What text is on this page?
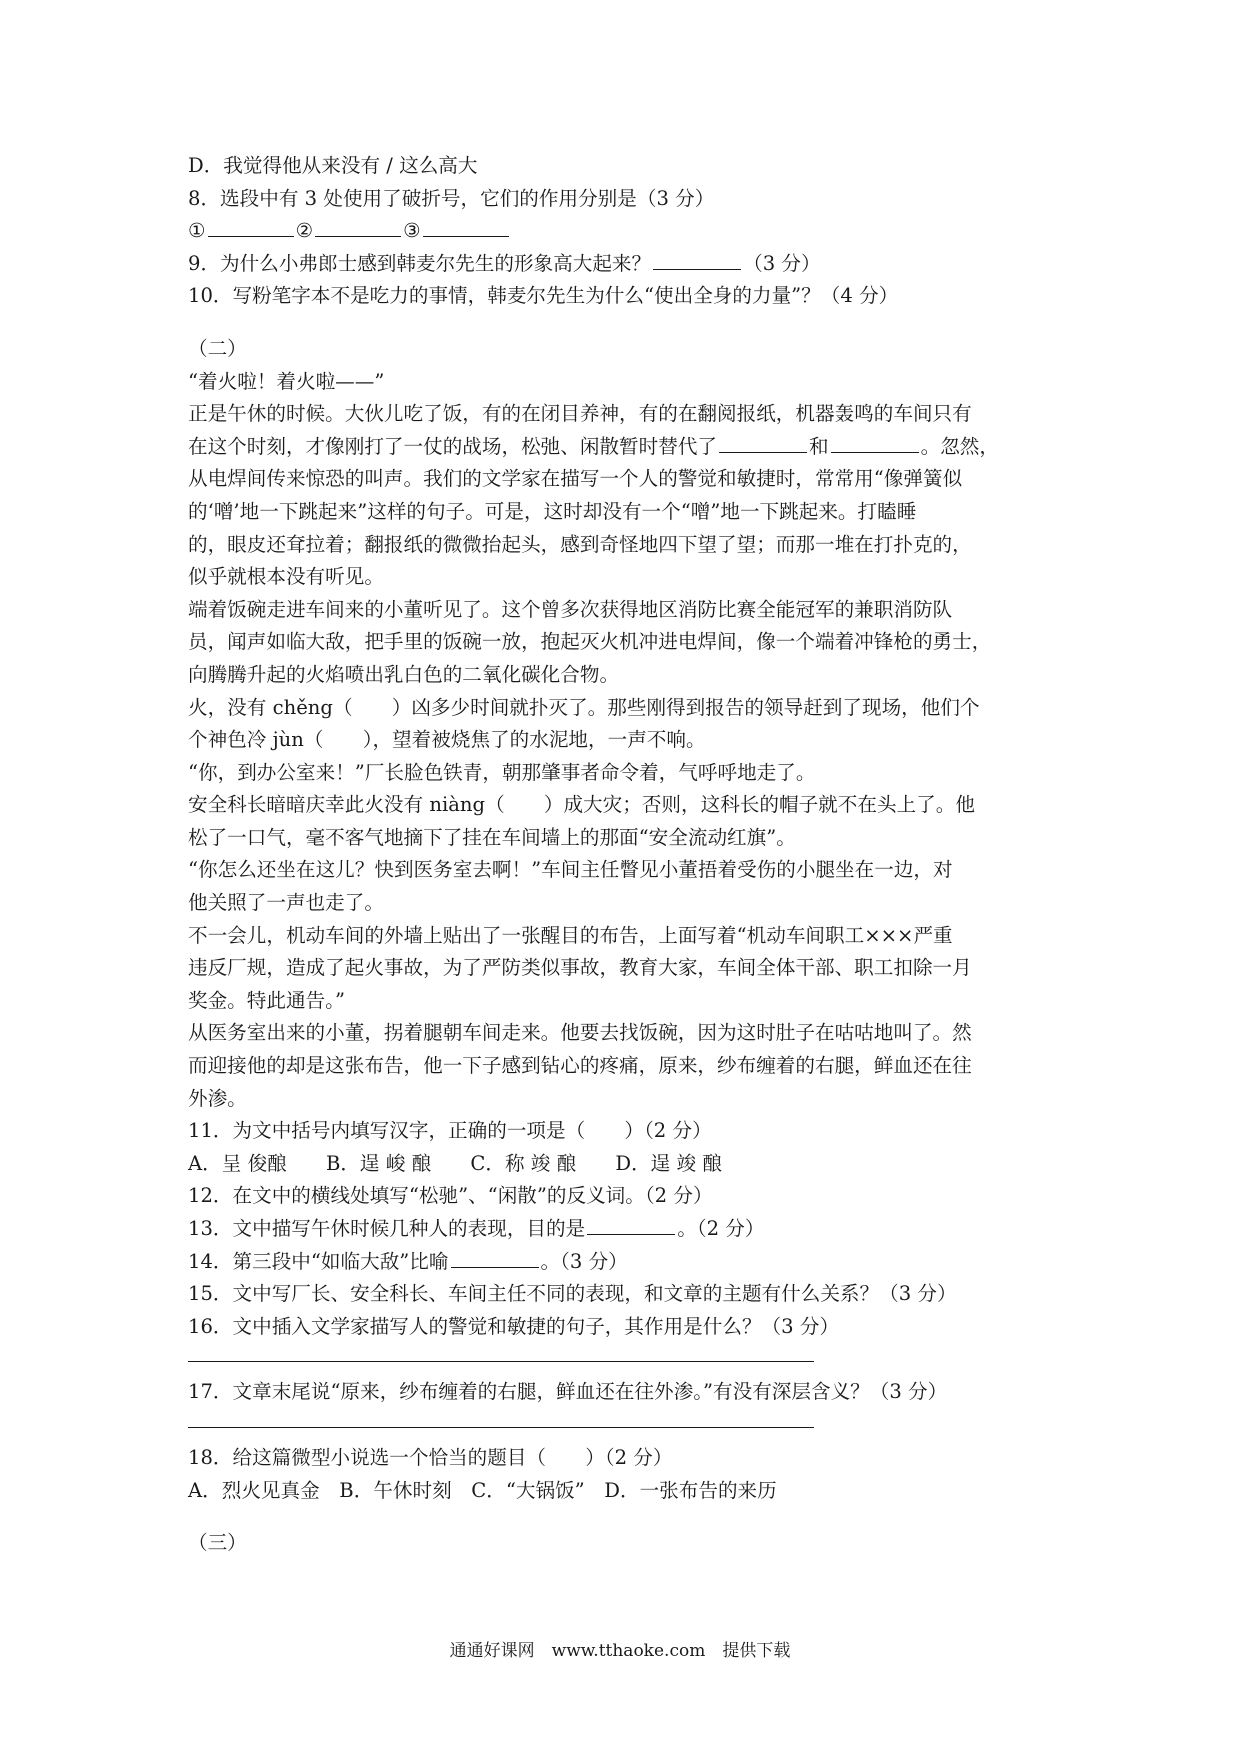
D．我觉得他从来没有 / 这么高大
8．选段中有 3 处使用了破折号，它们的作用分别是（3 分）
①	②	③
9．为什么小弗郎士感到韩麦尔先生的形象高大起来？	（3 分）
10．写粉笔字本不是吃力的事情，韩麦尔先生为什么“使出全身的力量”？（4 分）
（二）
“着火啦！着火啦——”
正是午休的时候。大伙儿吃了饭，有的在闭目养神，有的在翻阅报纸，机器轰鸣的车间只有
在这个时刻，才像刚打了一仗的战场，松弛、闲散暂时替代了	和	。忽然，
从电焊间传来惊恐的叫声。我们的文学家在描写一个人的警觉和敏捷时，常常用“像弹簧似
的‘噌’地一下跳起来”这样的句子。可是，这时却没有一个“噌”地一下跳起来。打瞌睡
的，眼皮还耷拉着；翻报纸的微微抬起头，感到奇怪地四下望了望；而那一堆在打扑克的，
似乎就根本没有听见。
端着饭碗走进车间来的小董听见了。这个曾多次获得地区消防比赛全能冠军的兼职消防队
员，闻声如临大敌，把手里的饭碗一放，抱起灭火机冲进电焊间，像一个端着冲锋枪的勇士，
向腾腾升起的火焰喷出乳白色的二氧化碳化合物。
火，没有 chěng（　　）凶多少时间就扑灭了。那些刚得到报告的领导赶到了现场，他们个
个神色冷 jùn（　　），望着被烧焦了的水泥地，一声不响。
“你，到办公室来！”厂长脸色铁青，朝那肇事者命令着，气呼呼地走了。
安全科长暗暗庆幸此火没有 niàng（　　）成大灾；否则，这科长的帽子就不在头上了。他
松了一口气，毫不客气地摘下了挂在车间墙上的那面“安全流动红旗”。
“你怎么还坐在这儿？快到医务室去啊！”车间主任瞥见小董捂着受伤的小腿坐在一边，对
他关照了一声也走了。
不一会儿，机动车间的外墙上贴出了一张醒目的布告，上面写着“机动车间职工×××严重
违反厂规，造成了起火事故，为了严防类似事故，教育大家，车间全体干部、职工扣除一月
奖金。特此通告。”
从医务室出来的小董，拐着腿朝车间走来。他要去找饭碗，因为这时肚子在咕咕地叫了。然
而迎接他的却是这张布告，他一下子感到钻心的疼痛，原来，纱布缠着的右腿，鲜血还在往
外渗。
11．为文中括号内填写汉字，正确的一项是（　　）（2 分）
A．呈 俊酿　　B．逞 峻 酿　　C．称 竣 酿　　D．逞 竣 酿
12．在文中的横线处填写“松驰”、“闲散”的反义词。（2 分）
13．文中描写午休时候几种人的表现，目的是	。（2 分）
14．第三段中“如临大敌”比喻	。（3 分）
15．文中写厂长、安全科长、车间主任不同的表现，和文章的主题有什么关系？（3 分）
16．文中插入文学家描写人的警觉和敏捷的句子，其作用是什么？（3 分）
17．文章末尾说“原来，纱布缠着的右腿，鲜血还在往外渗。”有没有深层含义？（3 分）
18．给这篇微型小说选一个恰当的题目（　　）（2 分）
A．烈火见真金　B．午休时刻　C．“大锅饭”　D．一张布告的来历
（三）
通通好课网　www.tthaoke.com　提供下载
